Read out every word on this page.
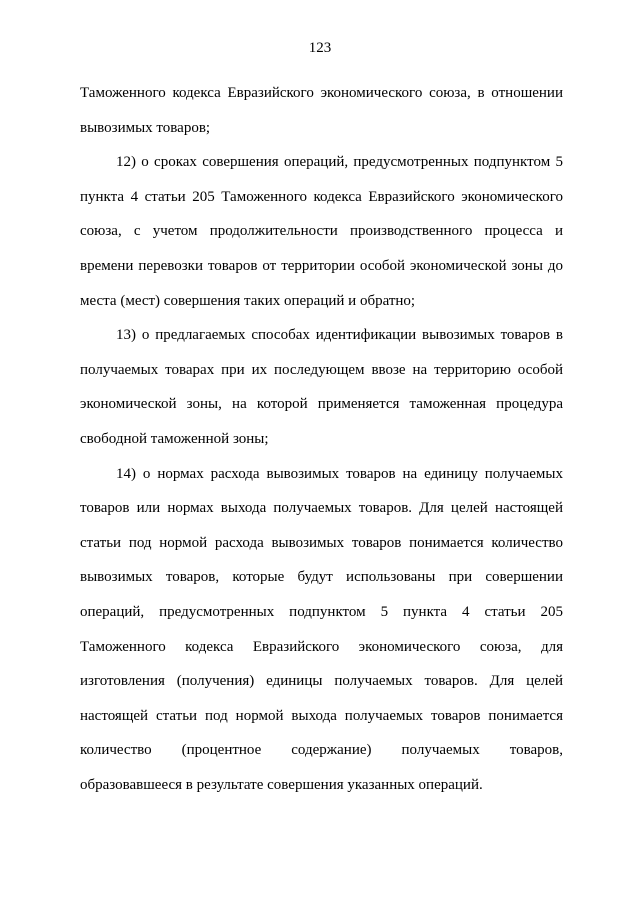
123

Таможенного кодекса Евразийского экономического союза, в отношении вывозимых товаров;

12) о сроках совершения операций, предусмотренных подпунктом 5 пункта 4 статьи 205 Таможенного кодекса Евразийского экономического союза, с учетом продолжительности производственного процесса и времени перевозки товаров от территории особой экономической зоны до места (мест) совершения таких операций и обратно;

13) о предлагаемых способах идентификации вывозимых товаров в получаемых товарах при их последующем ввозе на территорию особой экономической зоны, на которой применяется таможенная процедура свободной таможенной зоны;

14) о нормах расхода вывозимых товаров на единицу получаемых товаров или нормах выхода получаемых товаров. Для целей настоящей статьи под нормой расхода вывозимых товаров понимается количество вывозимых товаров, которые будут использованы при совершении операций, предусмотренных подпунктом 5 пункта 4 статьи 205 Таможенного кодекса Евразийского экономического союза, для изготовления (получения) единицы получаемых товаров. Для целей настоящей статьи под нормой выхода получаемых товаров понимается количество (процентное содержание) получаемых товаров, образовавшееся в результате совершения указанных операций.
